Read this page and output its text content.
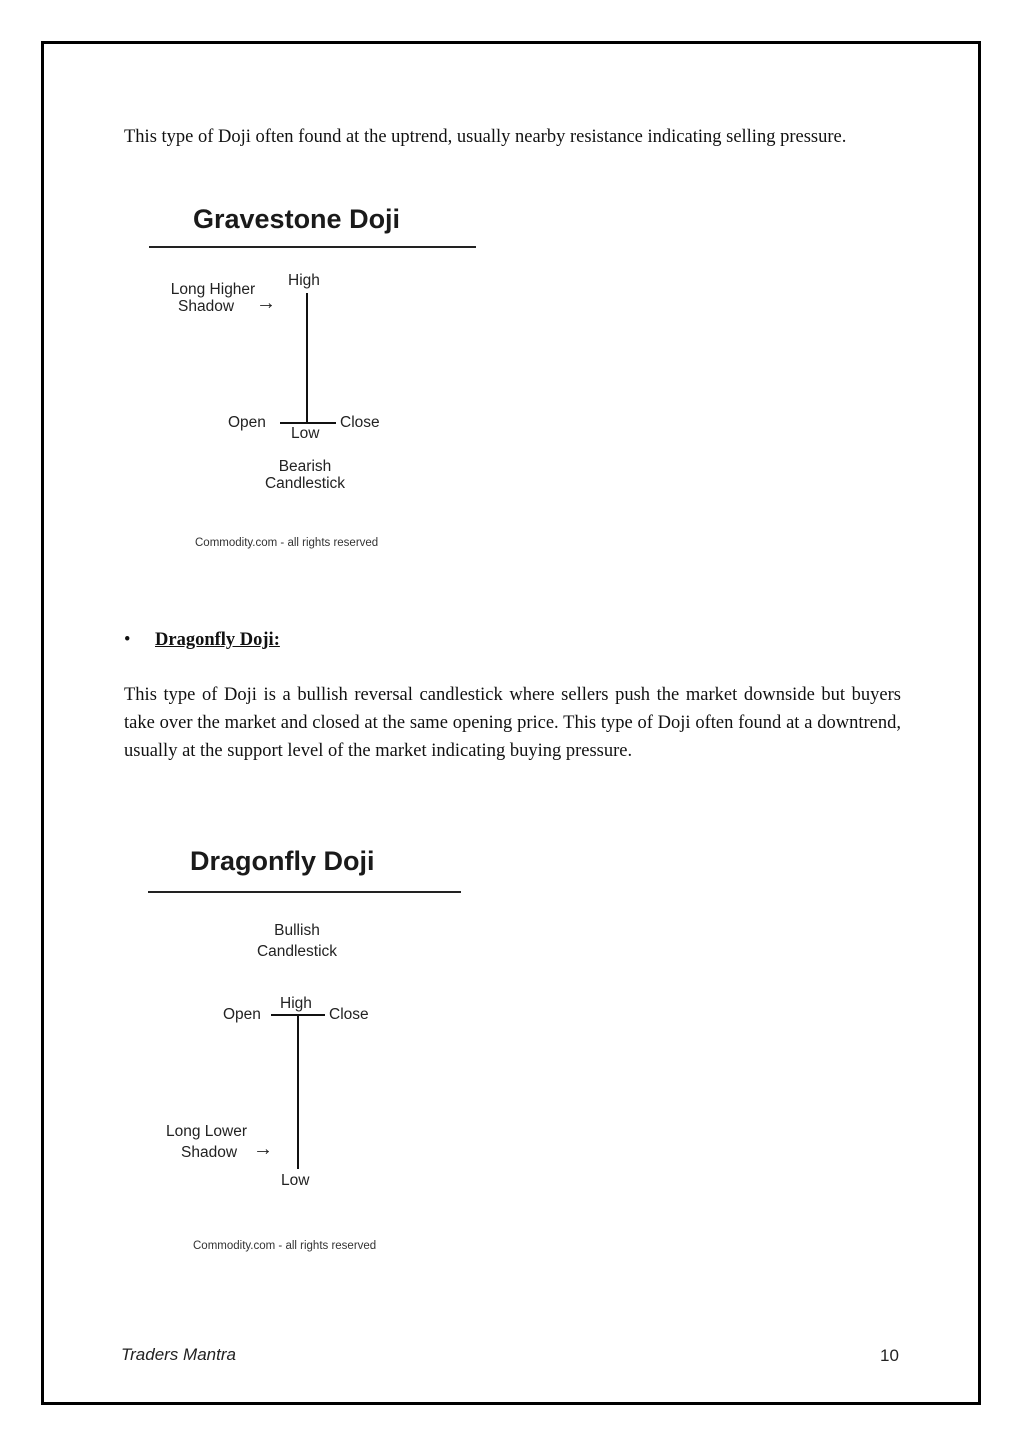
This type of Doji often found at the uptrend, usually nearby resistance indicating selling pressure.

Gravestone Doji
Long Higher
Shadow →
High
Open	Close
Low
Bearish
Candlestick
Commodity.com - all rights reserved
• Dragonfly Doji:

This type of Doji is a bullish reversal candlestick where sellers push the market downside but buyers take over the market and closed at the same opening price. This type of Doji often found at a downtrend, usually at the support level of the market indicating buying pressure.

Dragonfly Doji
Bullish
Candlestick
High
Open	Close
Long Lower
Shadow →
Low
Commodity.com - all rights reserved
Traders Mantra	10
